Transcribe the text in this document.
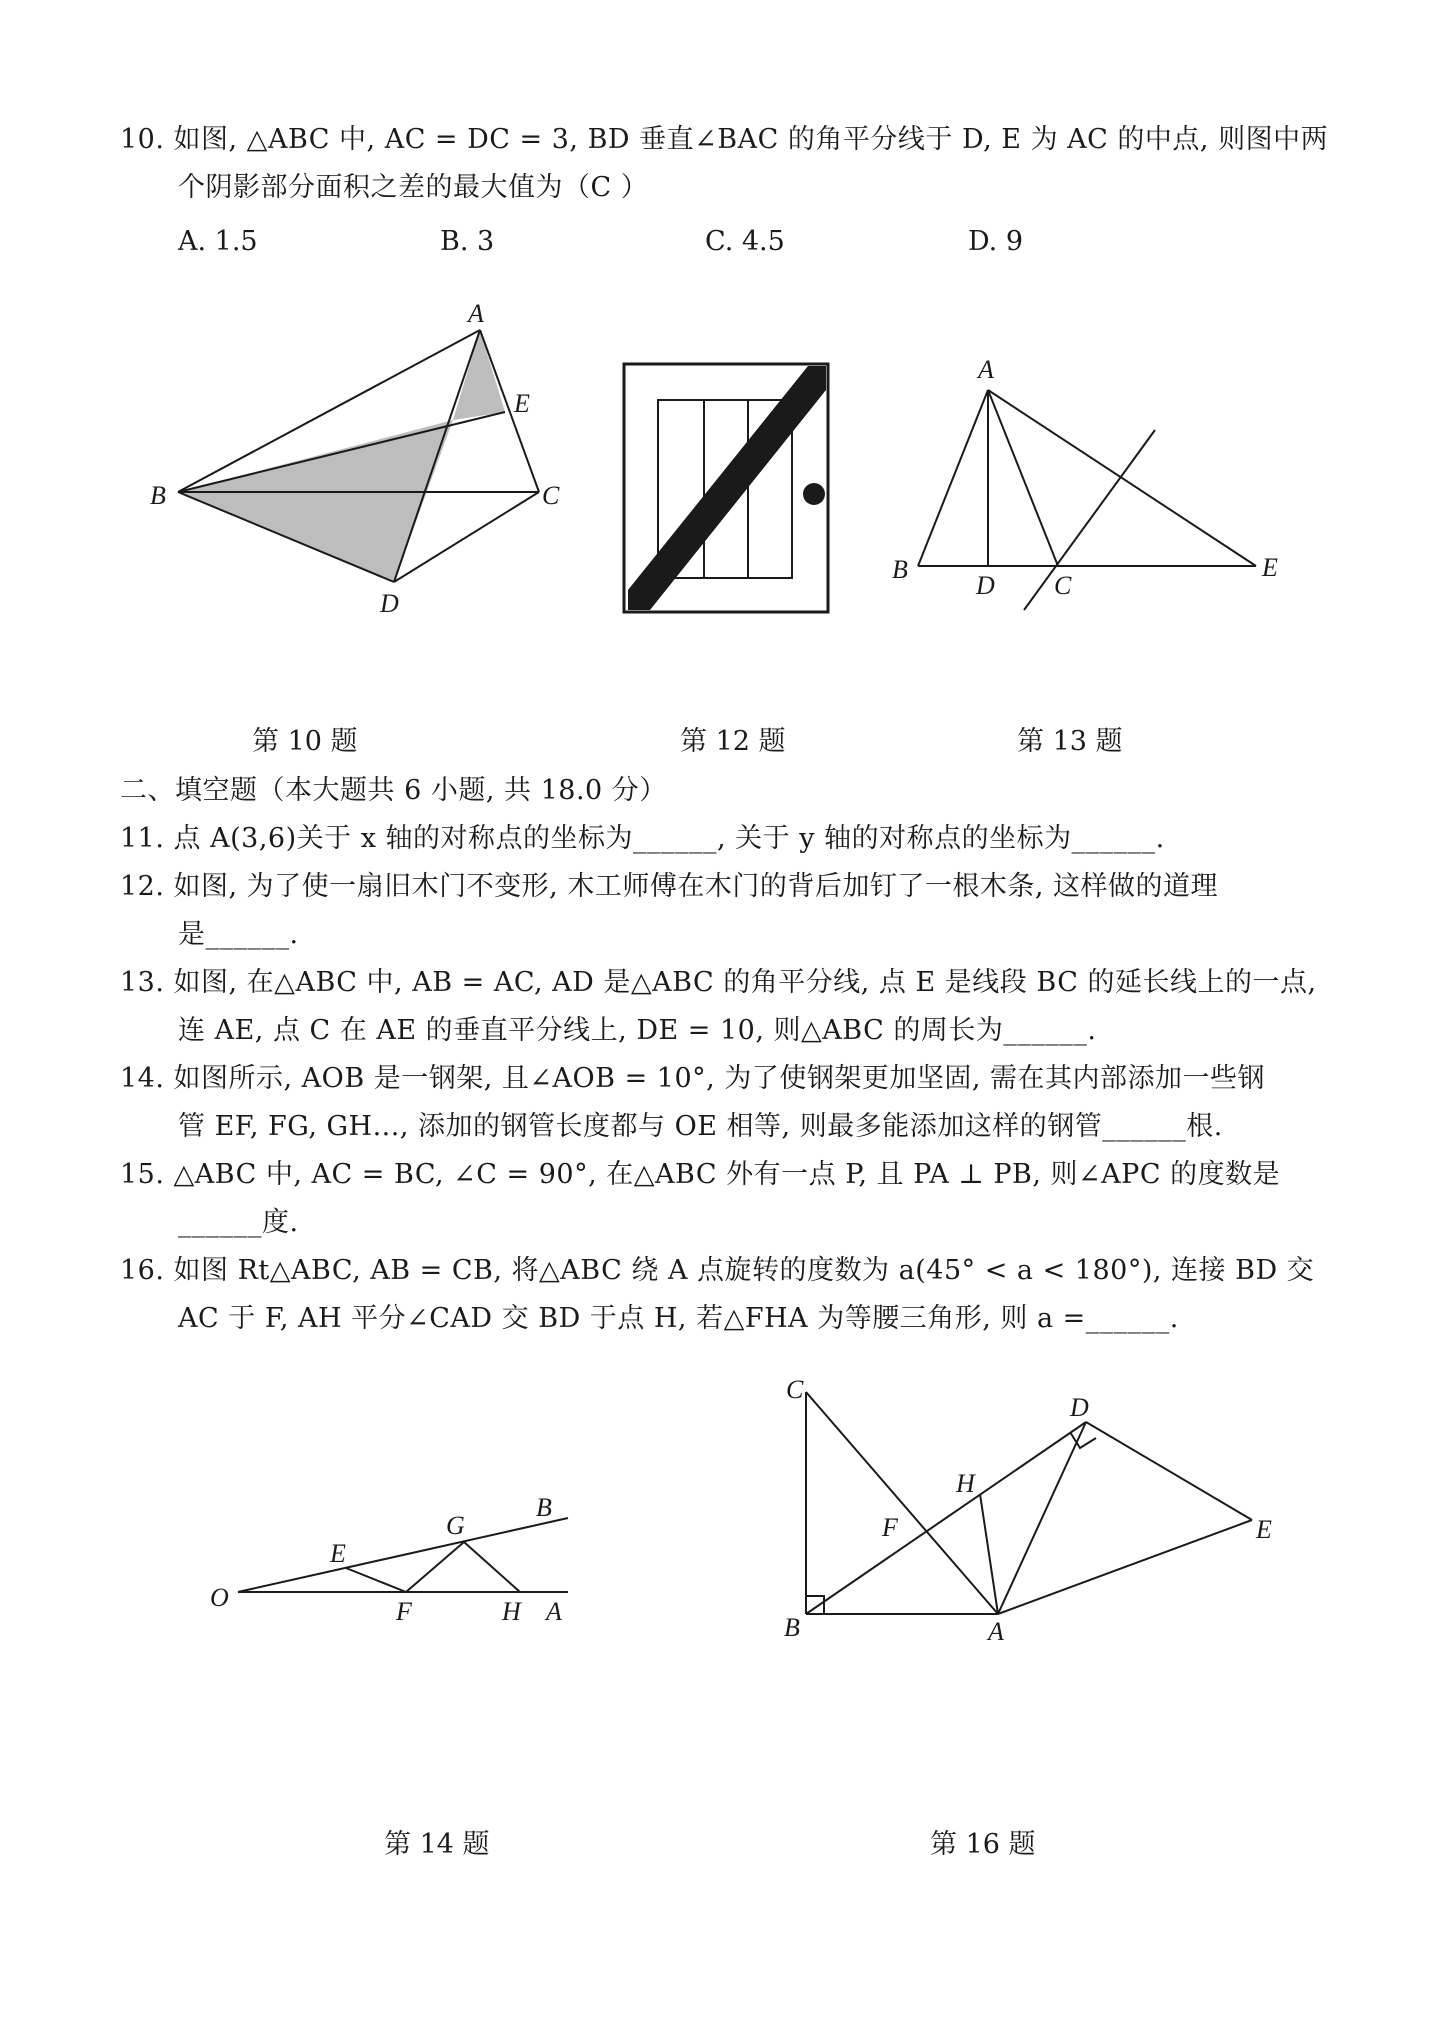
10. 如图, △ABC 中, AC = DC = 3, BD 垂直∠BAC 的角平分线于 D, E 为 AC 的中点, 则图中两
个阴影部分面积之差的最大值为（C ）
A. 1.5	B. 3	C. 4.5	D. 9
A
E
B	C
D
A
B
D C
E
第 10 题	第 12 题	第 13 题
二、填空题（本大题共 6 小题, 共 18.0 分）
11. 点 A(3,6)关于 x 轴的对称点的坐标为______, 关于 y 轴的对称点的坐标为______.
12. 如图, 为了使一扇旧木门不变形, 木工师傅在木门的背后加钉了一根木条, 这样做的道理
是______.
13. 如图, 在△ABC 中, AB = AC, AD 是△ABC 的角平分线, 点 E 是线段 BC 的延长线上的一点,
连 AE, 点 C 在 AE 的垂直平分线上, DE = 10, 则△ABC 的周长为______.
14. 如图所示, AOB 是一钢架, 且∠AOB = 10°, 为了使钢架更加坚固, 需在其内部添加一些钢
管 EF, FG, GH..., 添加的钢管长度都与 OE 相等, 则最多能添加这样的钢管______根.
15. △ABC 中, AC = BC, ∠C = 90°, 在△ABC 外有一点 P, 且 PA ⊥ PB, 则∠APC 的度数是
______度.
16. 如图 Rt△ABC, AB = CB, 将△ABC 绕 A 点旋转的度数为 a(45° < a < 180°), 连接 BD 交
AC 于 F, AH 平分∠CAD 交 BD 于点 H, 若△FHA 为等腰三角形, 则 a =______.
O
E
F
G
H A
B
C
D
H
F	E
B	A
第 14 题	第 16 题
